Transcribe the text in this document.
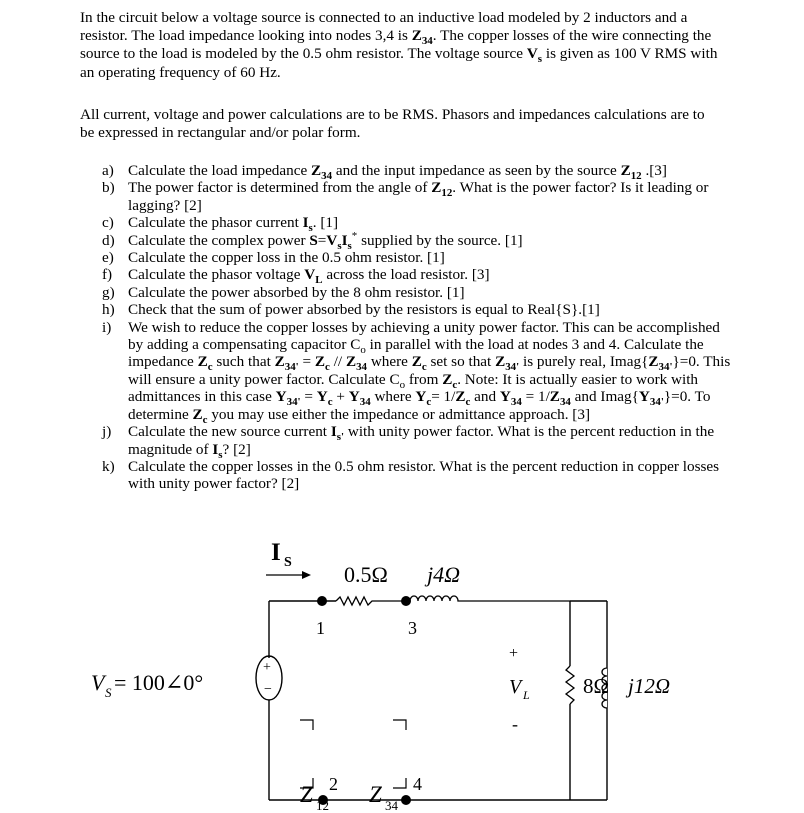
In the circuit below a voltage source is connected to an inductive load modeled by 2 inductors and a resistor. The load impedance looking into nodes 3,4 is $Z_{34}$. The copper losses of the wire connecting the source to the load is modeled by the 0.5 ohm resistor. The voltage source $V_s$ is given as 100 V RMS with an operating frequency of 60 Hz.

All current, voltage and power calculations are to be RMS. Phasors and impedances calculations are to be expressed in rectangular and/or polar form.

a) Calculate the load impedance $Z_{34}$ and the input impedance as seen by the source $Z_{12}$ .[3]
b) The power factor is determined from the angle of $Z_{12}$. What is the power factor? Is it leading or lagging? [2]
c) Calculate the phasor current $I_s$. [1]
d) Calculate the complex power $S=V_sI_s^*$ supplied by the source. [1]
e) Calculate the copper loss in the 0.5 ohm resistor. [1]
f) Calculate the phasor voltage $V_L$ across the load resistor. [3]
g) Calculate the power absorbed by the 8 ohm resistor. [1]
h) Check that the sum of power absorbed by the resistors is equal to Real{S}.[1]
i) We wish to reduce the copper losses by achieving a unity power factor. This can be accomplished by adding a compensating capacitor $C_o$ in parallel with the load at nodes 3 and 4. Calculate the impedance $Z_c$ such that $Z_{34'} = Z_c // Z_{34}$ where $Z_c$ set so that $Z_{34'}$ is purely real, $Imag\{Z_{34'}\}=0$. This will ensure a unity power factor. Calculate $C_o$ from $Z_c$. Note: It is actually easier to work with admittances in this case $Y_{34'} = Y_c + Y_{34}$ where $Y_c= 1/Z_c$ and $Y_{34} = 1/Z_{34}$ and $Imag\{Y_{34'}\}=0$. To determine $Z_c$ you may use either the impedance or admittance approach. [3]
j) Calculate the new source current $I_{s'}$ with unity power factor. What is the percent reduction in the magnitude of $I_s$? [2]
k) Calculate the copper losses in the 0.5 ohm resistor. What is the percent reduction in copper losses with unity power factor? [2]
I S 0.5Ω j4Ω
1	3
+
−
V S = 100∠0°
+
V L
-
8Ω j12Ω
2	4
Z 12 Z 34
